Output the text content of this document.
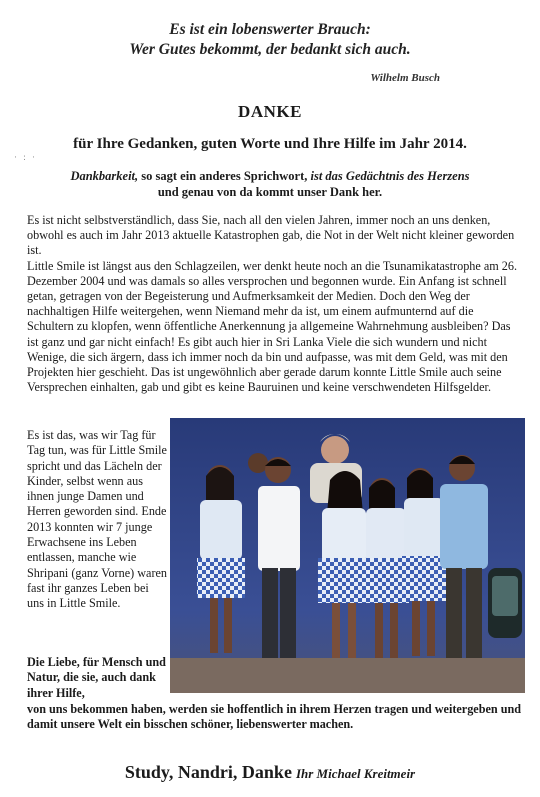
Es ist ein lobenswerter Brauch:
Wer Gutes bekommt, der bedankt sich auch.
Wilhelm Busch
· : ·
DANKE
für Ihre Gedanken, guten Worte und Ihre Hilfe im Jahr 2014.
Dankbarkeit, so sagt ein anderes Sprichwort, ist das Gedächtnis des Herzens
und genau von da kommt unser Dank her.
Es ist nicht selbstverständlich, dass Sie, nach all den vielen Jahren, immer noch an uns denken, obwohl es auch im Jahr 2013 aktuelle Katastrophen gab, die Not in der Welt nicht kleiner geworden ist.
Little Smile ist längst aus den Schlagzeilen, wer denkt heute noch an die Tsunamikatastrophe am 26. Dezember 2004 und was damals so alles versprochen und begonnen wurde. Ein Anfang ist schnell getan, getragen von der Begeisterung und Aufmerksamkeit der Medien. Doch den Weg der nachhaltigen Hilfe weitergehen, wenn Niemand mehr da ist, um einem aufmunternd auf die Schultern zu klopfen, wenn öffentliche Anerkennung ja allgemeine Wahrnehmung ausbleiben? Das ist ganz und gar nicht einfach! Es gibt auch hier in Sri Lanka Viele die sich wundern und nicht Wenige, die sich ärgern, dass ich immer noch da bin und aufpasse, was mit dem Geld, was mit den Projekten hier geschieht. Das ist ungewöhnlich aber gerade darum konnte Little Smile auch seine Versprechen einhalten, gab und gibt es keine Bauruinen und keine verschwendeten Hilfsgelder.
Es ist das, was wir Tag für Tag tun, was für Little Smile spricht und das Lächeln der Kinder, selbst wenn aus ihnen junge Damen und Herren geworden sind. Ende 2013 konnten wir 7 junge Erwachsene ins Leben entlassen, manche wie Shripani (ganz Vorne) waren fast ihr ganzes Leben bei uns in Little Smile.
Die Liebe, für Mensch und Natur, die sie, auch dank ihrer Hilfe,
von uns bekommen haben, werden sie hoffentlich in ihrem Herzen tragen und weitergeben und damit unsere Welt ein bisschen schöner, liebenswerter machen.
Study, Nandri, Danke Ihr Michael Kreitmeir
